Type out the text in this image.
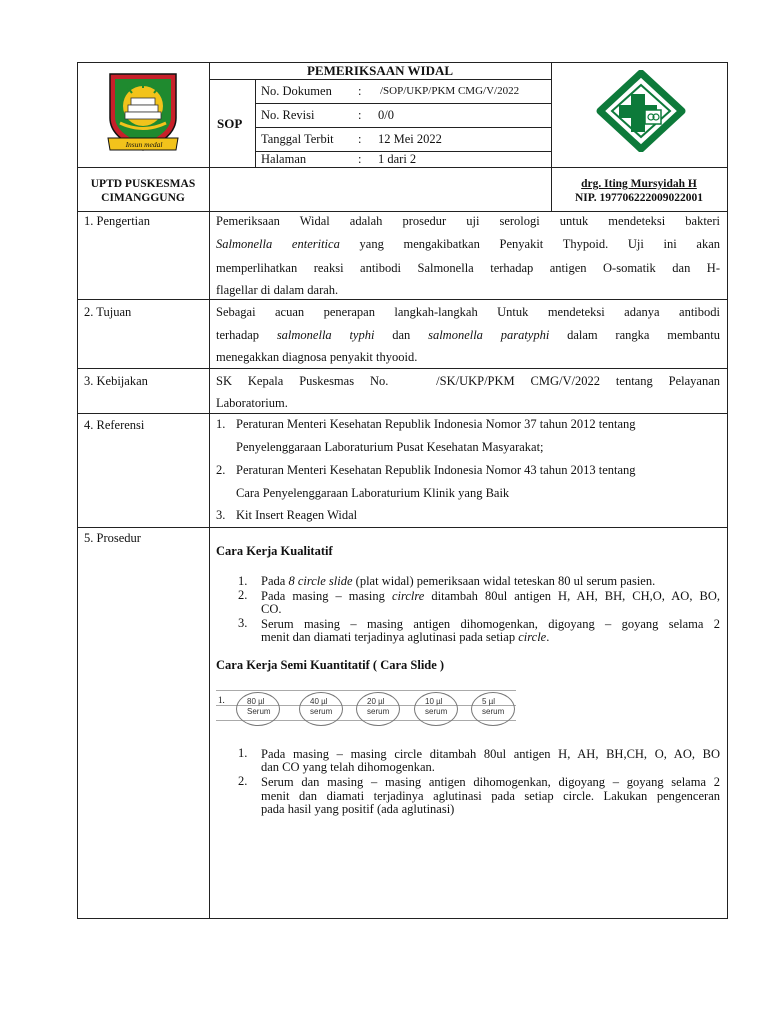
Insun medal
PEMERIKSAAN WIDAL
SOP
No. Dokumen : /SOP/UKP/PKM CMG/V/2022
No. Revisi	: 0/0
Tanggal Terbit : 12 Mei 2022
Halaman	: 1 dari 2
UPTD PUSKESMAS
CIMANGGUNG
drg. Iting Mursyidah H
NIP. 197706222009022001
1. Pengertian	Pemeriksaan Widal adalah prosedur uji serologi untuk mendeteksi bakteri
Salmonella enteritica yang mengakibatkan Penyakit Thypoid. Uji ini akan
memperlihatkan reaksi antibodi Salmonella terhadap antigen O-somatik dan H-
flagellar di dalam darah.
2. Tujuan	Sebagai acuan penerapan langkah-langkah Untuk mendeteksi adanya antibodi
terhadap salmonella typhi dan salmonella paratyphi dalam rangka membantu
menegakkan diagnosa penyakit thyooid.
3. Kebijakan	SK Kepala Puskesmas No.   /SK/UKP/PKM CMG/V/2022 tentang Pelayanan
Laboratorium.
4. Referensi	1. Peraturan Menteri Kesehatan Republik Indonesia Nomor 37 tahun 2012 tentang
Penyelenggaraan Laboraturium Pusat Kesehatan Masyarakat;
2. Peraturan Menteri Kesehatan Republik Indonesia Nomor 43 tahun 2013 tentang
Cara Penyelenggaraan Laboraturium Klinik yang Baik
3. Kit Insert Reagen Widal
5. Prosedur
Cara Kerja Kualitatif
1. Pada 8 circle slide (plat widal) pemeriksaan widal teteskan 80 ul serum pasien.
2. Pada masing – masing circlre ditambah 80ul antigen H, AH, BH, CH,O, AO, BO,
CO.
3. Serum masing – masing antigen dihomogenkan, digoyang – goyang selama 2
menit dan diamati terjadinya aglutinasi pada setiap circle.
Cara Kerja Semi Kuantitatif ( Cara Slide )
1.	80 µl
Serum
40 µl
serum
20 µl
serum
10 µl
serum
5 µl
serum
1. Pada masing – masing circle ditambah 80ul antigen H, AH, BH,CH, O, AO, BO
dan CO yang telah dihomogenkan.
2. Serum dan masing – masing antigen dihomogenkan, digoyang – goyang selama 2
menit dan diamati terjadinya aglutinasi pada setiap circle. Lakukan pengenceran
pada hasil yang positif (ada aglutinasi)
